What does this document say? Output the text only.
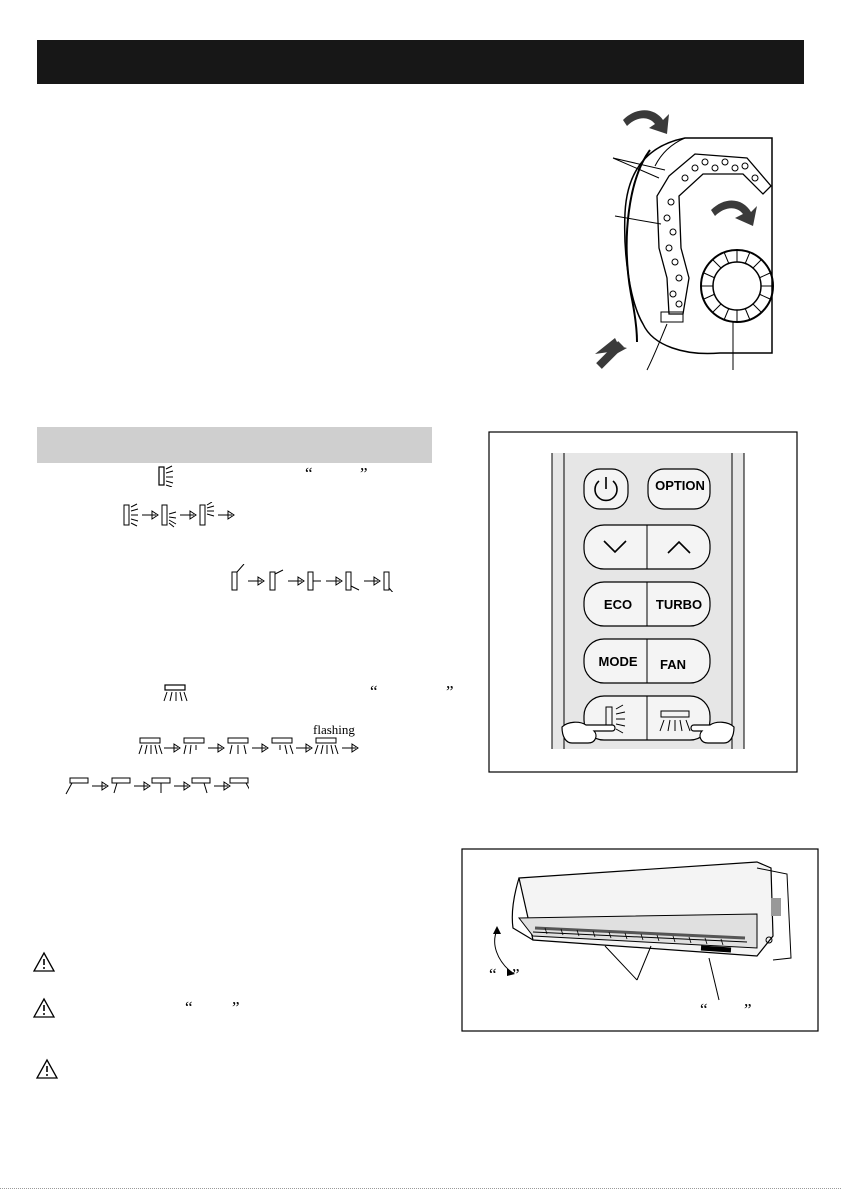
“	”
“	”
flashing
“ ”
OPTION
ECO	TURBO
MODE	FAN
“ ”
“ ”
